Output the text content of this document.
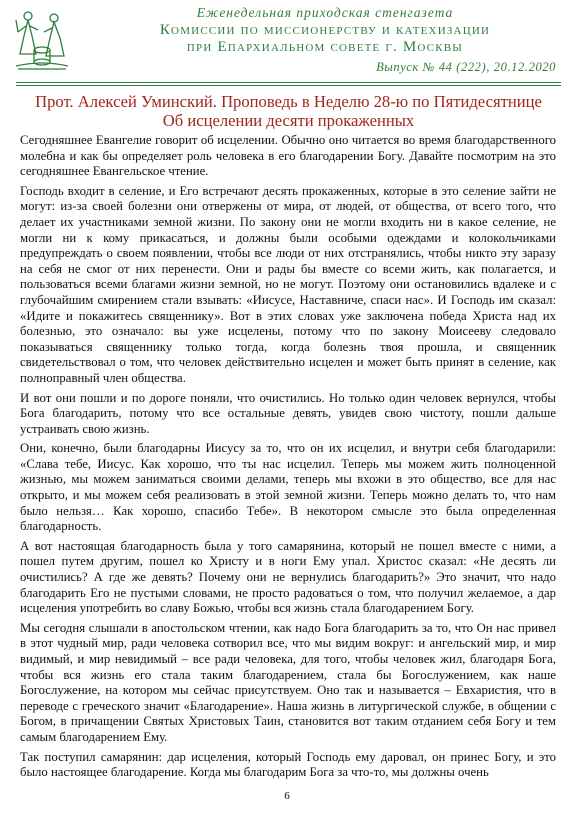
Еженедельная приходская стенгазета
Комиссии по миссионерству и катехизации
при Епархиальном совете г. Москвы
Выпуск № 44 (222), 20.12.2020
Прот. Алексей Уминский. Проповедь в Неделю 28-ю по Пятидесятнице
Об исцелении десяти прокаженных

Сегодняшнее Евангелие говорит об исцелении. Обычно оно читается во время благодарственного молебна и как бы определяет роль человека в его благодарении Богу. Давайте посмотрим на это сегодняшнее Евангельское чтение.

Господь входит в селение, и Его встречают десять прокаженных, которые в это селение зайти не могут: из-за своей болезни они отвержены от мира, от людей, от общества, от всего того, что делает их участниками земной жизни. По закону они не могли входить ни в какое селение, не могли ни к кому прикасаться, и должны были особыми одеждами и колокольчиками предупреждать о своем появлении, чтобы все люди от них отстранялись, чтобы никто эту заразу на себя не смог от них перенести. Они и рады бы вместе со всеми жить, как полагается, и пользоваться всеми благами жизни земной, но не могут. Поэтому они остановились вдалеке и с глубочайшим смирением стали взывать: «Иисусе, Наставниче, спаси нас». И Господь им сказал: «Идите и покажитесь священнику». Вот в этих словах уже заключена победа Христа над их болезнью, это означало: вы уже исцелены, потому что по закону Моисееву следовало показываться священнику только тогда, когда болезнь твоя прошла, и священник свидетельствовал о том, что человек действительно исцелен и может быть принят в селение, как полноправный член общества.

И вот они пошли и по дороге поняли, что очистились. Но только один человек вернулся, чтобы Бога благодарить, потому что все остальные девять, увидев свою чистоту, пошли дальше устраивать свою жизнь.

Они, конечно, были благодарны Иисусу за то, что он их исцелил, и внутри себя благодарили: «Слава тебе, Иисус. Как хорошо, что ты нас исцелил. Теперь мы можем жить полноценной жизнью, мы можем заниматься своими делами, теперь мы вхожи в это общество, все для нас открыто, и мы можем себя реализовать в этой земной жизни. Теперь можно делать то, что нам было нельзя… Как хорошо, спасибо Тебе». В некотором смысле это была определенная благодарность.

А вот настоящая благодарность была у того самарянина, который не пошел вместе с ними, а пошел путем другим, пошел ко Христу и в ноги Ему упал. Христос сказал: «Не десять ли очистились? А где же девять? Почему они не вернулись благодарить?» Это значит, что надо благодарить Его не пустыми словами, не просто радоваться о том, что получил желаемое, а дар исцеления употребить во славу Божью, чтобы вся жизнь стала благодарением Богу.

Мы сегодня слышали в апостольском чтении, как надо Бога благодарить за то, что Он нас привел в этот чудный мир, ради человека сотворил все, что мы видим вокруг: и ангельский мир, и мир видимый, и мир невидимый – все ради человека, для того, чтобы человек жил, благодаря Бога, чтобы вся жизнь его стала таким благодарением, стала бы Богослужением, как наше Богослужение, на котором мы сейчас присутствуем. Оно так и называется – Евхаристия, что в переводе с греческого значит «Благодарение». Наша жизнь в литургической службе, в общении с Богом, в причащении Святых Христовых Таин, становится вот таким отданием себя Богу и тем самым благодарением Ему.

Так поступил самарянин: дар исцеления, который Господь ему даровал, он принес Богу, и это было настоящее благодарение. Когда мы благодарим Бога за что-то, мы должны очень

6
